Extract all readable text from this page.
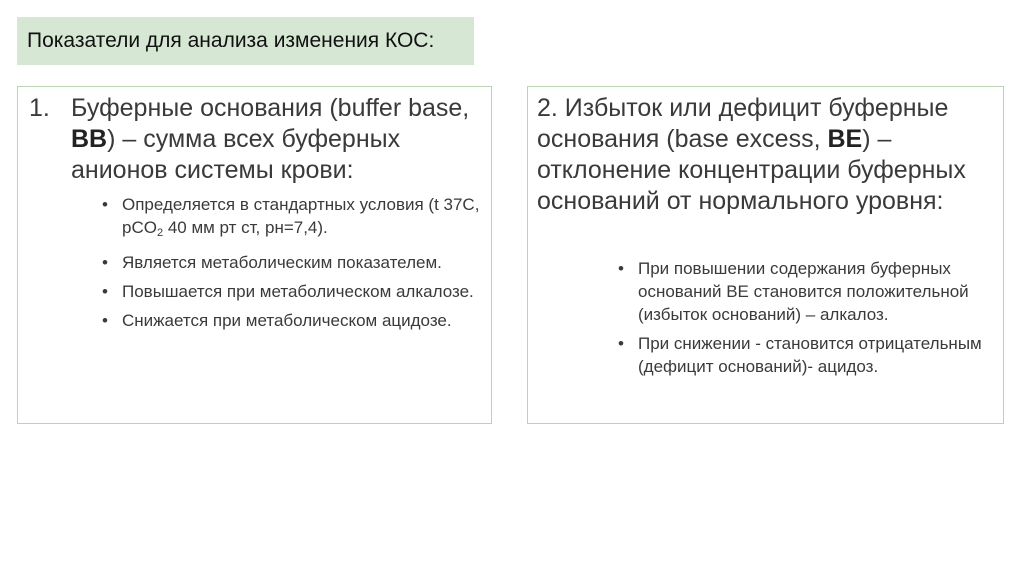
Показатели для анализа изменения КОС:
1. Буферные основания (buffer base, BB) – сумма всех буферных анионов системы крови:
• Определяется в стандартных условия (t 37С, pCO$_2$ 40 мм рт ст, рн=7,4).
• Является метаболическим показателем.
• Повышается при метаболическом алкалозе.
• Снижается при метаболическом ацидозе.
2. Избыток или дефицит буферные основания (base excess, BE) – отклонение концентрации буферных оснований от нормального уровня:
• При повышении содержания буферных оснований ВЕ становится положительной (избыток оснований) – алкалоз.
• При снижении - становится отрицательным (дефицит оснований)- ацидоз.
